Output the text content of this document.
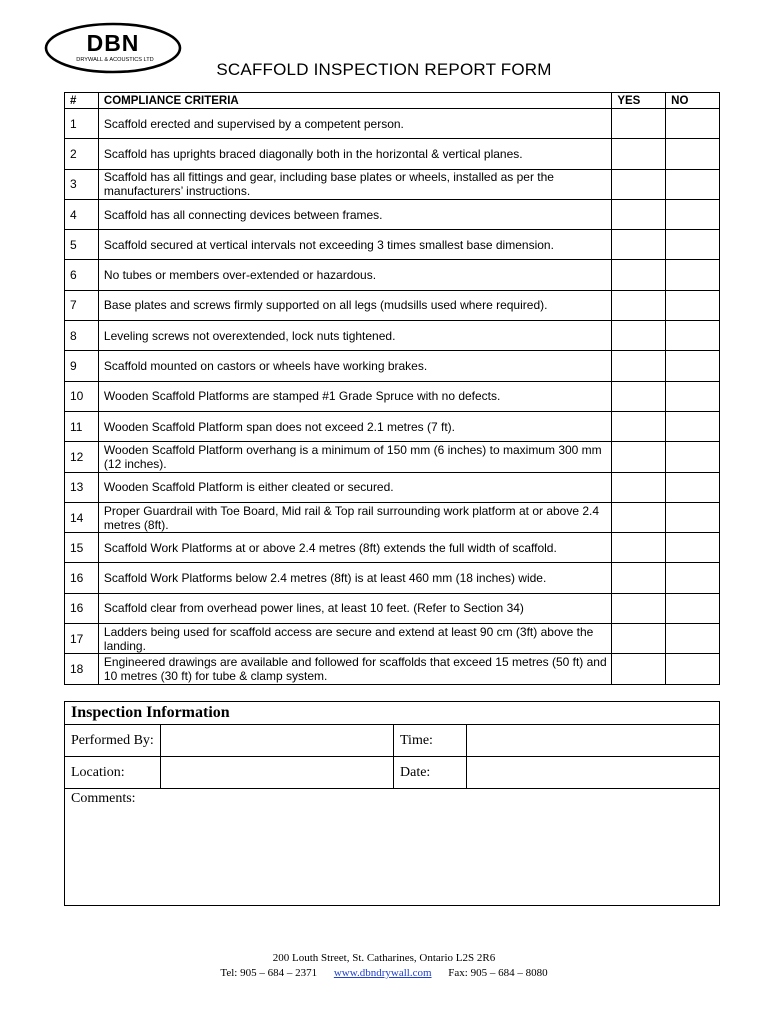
DBN
DRYWALL & ACOUSTICS LTD	SCAFFOLD INSPECTION REPORT FORM
#	COMPLIANCE CRITERIA	YES	NO
1	Scaffold erected and supervised by a competent person.		
2	Scaffold has uprights braced diagonally both in the horizontal & vertical planes.		
3	Scaffold has all fittings and gear, including base plates or wheels, installed as per the manufacturers’ instructions.		
4	Scaffold has all connecting devices between frames.		
5	Scaffold secured at vertical intervals not exceeding 3 times smallest base dimension.		
6	No tubes or members over-extended or hazardous.		
7	Base plates and screws firmly supported on all legs (mudsills used where required).		
8	Leveling screws not overextended, lock nuts tightened.		
9	Scaffold mounted on castors or wheels have working brakes.		
10	Wooden Scaffold Platforms are stamped #1 Grade Spruce with no defects.		
11	Wooden Scaffold Platform span does not exceed 2.1 metres (7 ft).		
12	Wooden Scaffold Platform overhang is a minimum of 150 mm (6 inches) to maximum 300 mm (12 inches).		
13	Wooden Scaffold Platform is either cleated or secured.		
14	Proper Guardrail with Toe Board, Mid rail & Top rail surrounding work platform at or above 2.4 metres (8ft).		
15	Scaffold Work Platforms at or above 2.4 metres (8ft) extends the full width of scaffold.		
16	Scaffold Work Platforms below 2.4 metres (8ft) is at least 460 mm (18 inches) wide.		
16	Scaffold clear from overhead power lines, at least 10 feet. (Refer to Section 34)		
17	Ladders being used for scaffold access are secure and extend at least 90 cm (3ft) above the landing.		
18	Engineered drawings are available and followed for scaffolds that exceed 15 metres (50 ft) and 10 metres (30 ft) for tube & clamp system.		
Inspection Information			
Performed By:		Time:	
Location:		Date:	
Comments:			
200 Louth Street, St. Catharines, Ontario L2S 2R6
Tel: 905 – 684 – 2371 www.dbndrywall.com Fax: 905 – 684 – 8080
